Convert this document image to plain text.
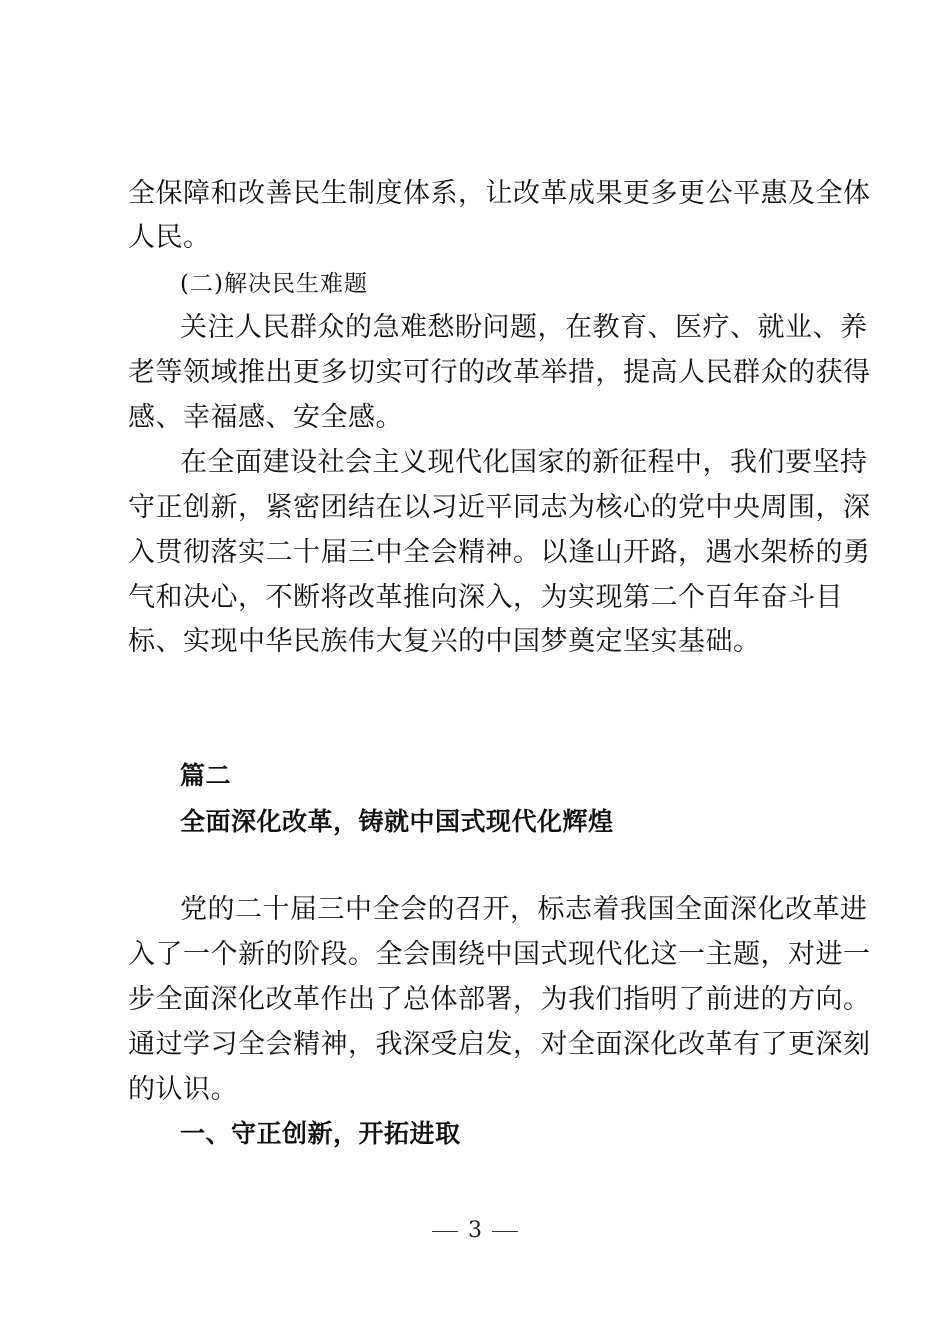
全保障和改善民生制度体系，让改革成果更多更公平惠及全体
人民。
(二)解决民生难题
关注人民群众的急难愁盼问题，在教育、医疗、就业、养
老等领域推出更多切实可行的改革举措，提高人民群众的获得
感、幸福感、安全感。
在全面建设社会主义现代化国家的新征程中，我们要坚持
守正创新，紧密团结在以习近平同志为核心的党中央周围，深
入贯彻落实二十届三中全会精神。以逢山开路，遇水架桥的勇
气和决心，不断将改革推向深入，为实现第二个百年奋斗目
标、实现中华民族伟大复兴的中国梦奠定坚实基础。
篇二
全面深化改革，铸就中国式现代化辉煌
党的二十届三中全会的召开，标志着我国全面深化改革进
入了一个新的阶段。全会围绕中国式现代化这一主题，对进一
步全面深化改革作出了总体部署，为我们指明了前进的方向。
通过学习全会精神，我深受启发，对全面深化改革有了更深刻
的认识。
一、守正创新，开拓进取
3
